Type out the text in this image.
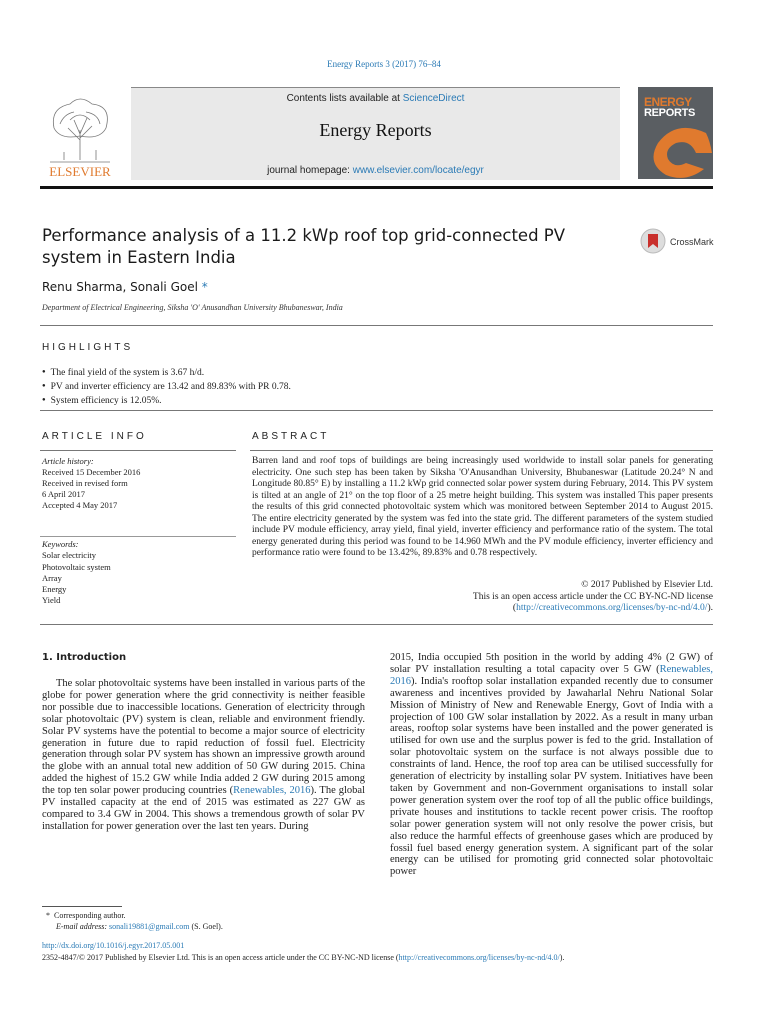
Energy Reports 3 (2017) 76–84
ELSEVIER
Contents lists available at ScienceDirect
Energy Reports
journal homepage: www.elsevier.com/locate/egyr
ENERGY
REPORTS
Performance analysis of a 11.2 kWp roof top grid-connected PV system in Eastern India
CrossMark
Renu Sharma, Sonali Goel *
Department of Electrical Engineering, Siksha 'O' Anusandhan University Bhubaneswar, India
HIGHLIGHTS
● The final yield of the system is 3.67 h/d.
● PV and inverter efficiency are 13.42 and 89.83% with PR 0.78.
● System efficiency is 12.05%.
ARTICLE INFO
Article history:
Received 15 December 2016
Received in revised form
6 April 2017
Accepted 4 May 2017
Keywords:
Solar electricity
Photovoltaic system
Array
Energy
Yield
ABSTRACT
Barren land and roof tops of buildings are being increasingly used worldwide to install solar panels for generating electricity. One such step has been taken by Siksha 'O'Anusandhan University, Bhubaneswar (Latitude 20.24° N and Longitude 80.85° E) by installing a 11.2 kWp grid connected solar power system during February, 2014. This PV system is tilted at an angle of 21° on the top floor of a 25 metre height building. This system was installed This paper presents the results of this grid connected photovoltaic system which was monitored between September 2014 to August 2015. The entire electricity generated by the system was fed into the state grid. The different parameters of the system studied include PV module efficiency, array yield, final yield, inverter efficiency and performance ratio of the system. The total energy generated during this period was found to be 14.960 MWh and the PV module efficiency, inverter efficiency and performance ratio were found to be 13.42%, 89.83% and 0.78 respectively.
© 2017 Published by Elsevier Ltd.
This is an open access article under the CC BY-NC-ND license
(http://creativecommons.org/licenses/by-nc-nd/4.0/).
1. Introduction
The solar photovoltaic systems have been installed in various parts of the globe for power generation where the grid connectivity is neither feasible nor possible due to inaccessible locations. Generation of electricity through solar photovoltaic (PV) system is clean, reliable and environment friendly. Solar PV systems have the potential to become a major source of electricity generation in future due to rapid reduction of fossil fuel. Electricity generation through solar PV system has shown an impressive growth around the globe with an annual total new addition of 50 GW during 2015. China added the highest of 15.2 GW while India added 2 GW during 2015 among the top ten solar power producing countries (Renewables, 2016). The global PV installed capacity at the end of 2015 was estimated as 227 GW as compared to 3.4 GW in 2004. This shows a tremendous growth of solar PV installation for power generation over the last ten years. During
2015, India occupied 5th position in the world by adding 4% (2 GW) of solar PV installation resulting a total capacity over 5 GW (Renewables, 2016). India's rooftop solar installation expanded recently due to consumer awareness and incentives provided by Jawaharlal Nehru National Solar Mission of Ministry of New and Renewable Energy, Govt of India with a projection of 100 GW solar installation by 2022. As a result in many urban areas, rooftop solar systems have been installed and the power generated is utilised for own use and the surplus power is fed to the grid. Installation of solar photovoltaic system on the surface is not always possible due to constraints of land. Hence, the roof top area can be utilised successfully for generation of electricity by installing solar PV system. Initiatives have been taken by Government and non-Government organisations to install solar power generation system over the roof top of all the public office buildings, private houses and institutions to tackle recent power crisis. The rooftop solar power generation system will not only resolve the power crisis, but also reduce the harmful effects of greenhouse gases which are produced by fossil fuel based energy generation system. A significant part of the solar energy can be utilised for promoting grid connected solar photovoltaic power
* Corresponding author.
E-mail address: sonali19881@gmail.com (S. Goel).
http://dx.doi.org/10.1016/j.egyr.2017.05.001
2352-4847/© 2017 Published by Elsevier Ltd. This is an open access article under the CC BY-NC-ND license (http://creativecommons.org/licenses/by-nc-nd/4.0/).
